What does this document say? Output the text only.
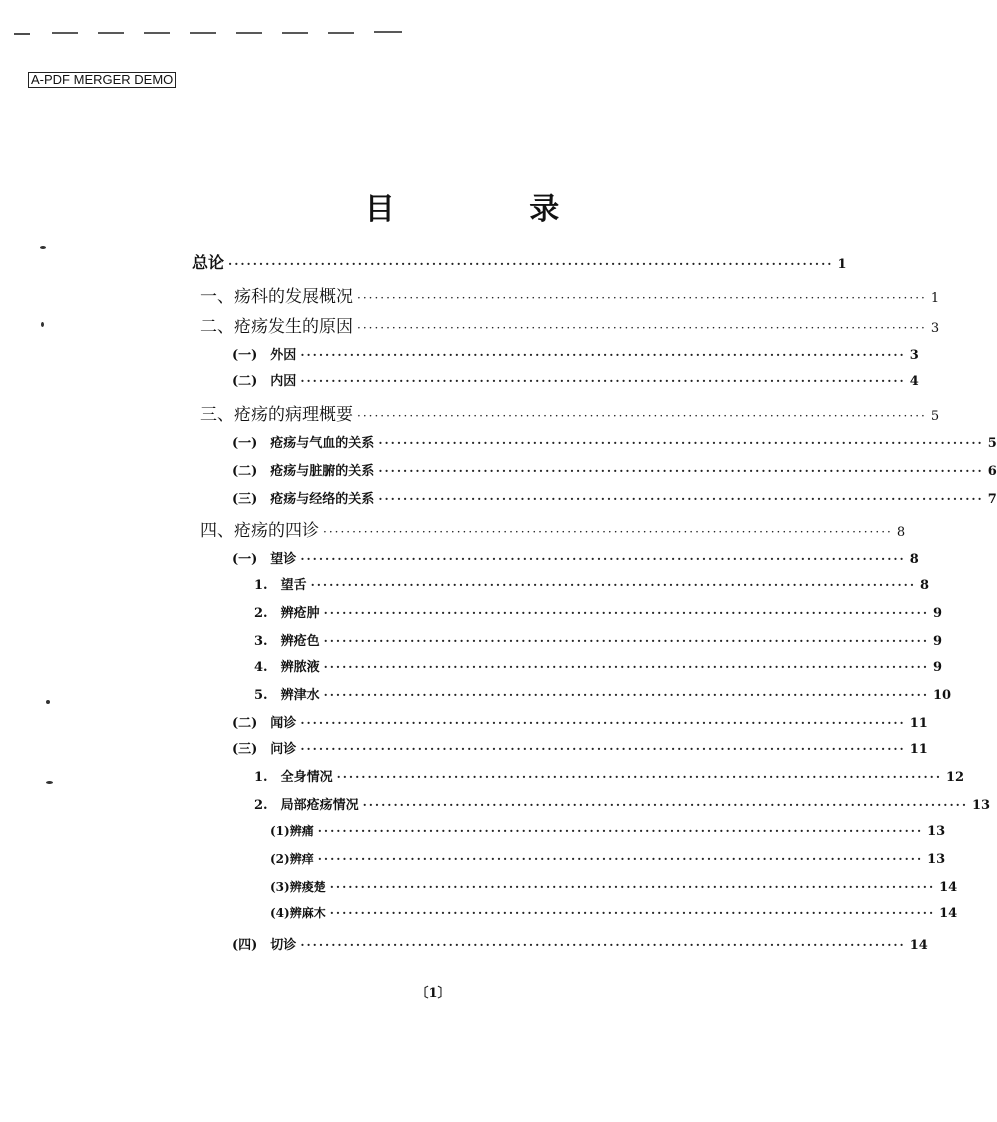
A-PDF MERGER DEMO
目 录
总论 ·································································································· 1
一、疡科的发展概况 ·································································································· 1
二、疮疡发生的原因 ·································································································· 3
(一)　外因 ·································································································· 3
(二)　内因 ·································································································· 4
三、疮疡的病理概要 ·································································································· 5
(一)　疮疡与气血的关系 ·································································································· 5
(二)　疮疡与脏腑的关系 ·································································································· 6
(三)　疮疡与经络的关系 ·································································································· 7
四、疮疡的四诊 ·································································································· 8
(一)　望诊 ·································································································· 8
1.　望舌 ·································································································· 8
2.　辨疮肿 ·································································································· 9
3.　辨疮色 ·································································································· 9
4.　辨脓液 ·································································································· 9
5.　辨津水 ·································································································· 10
(二)　闻诊 ·································································································· 11
(三)　问诊 ·································································································· 11
1.　全身情况 ·································································································· 12
2.　局部疮疡情况 ·································································································· 13
(1)辨痛 ·································································································· 13
(2)辨痒 ·································································································· 13
(3)辨痠楚 ·································································································· 14
(4)辨麻木 ·································································································· 14
(四)　切诊 ·································································································· 14
〔1〕
